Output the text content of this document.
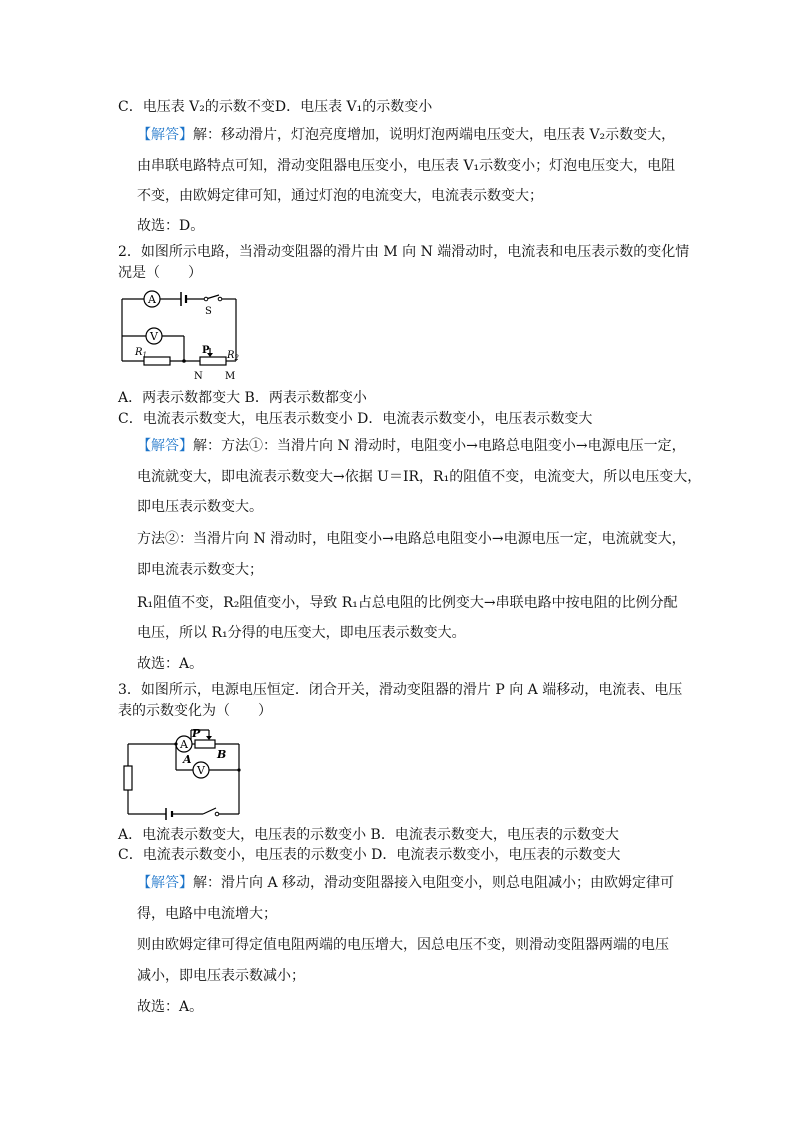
C．电压表 V₂的示数不变D．电压表 V₁的示数变小
【解答】解：移动滑片，灯泡亮度增加，说明灯泡两端电压变大，电压表 V₂示数变大，
由串联电路特点可知，滑动变阻器电压变小，电压表 V₁示数变小；灯泡电压变大，电阻
不变，由欧姆定律可知，通过灯泡的电流变大，电流表示数变大；
故选：D。
2．如图所示电路，当滑动变阻器的滑片由 M 向 N 端滑动时，电流表和电压表示数的变化情
况是（　　）
A
V
S
$R_1$	$R_2$
P
N M
A．两表示数都变大 B．两表示数都变小
C．电流表示数变大，电压表示数变小 D．电流表示数变小，电压表示数变大
【解答】解：方法①：当滑片向 N 滑动时，电阻变小→电路总电阻变小→电源电压一定，
电流就变大，即电流表示数变大→依据 U＝IR，R₁的阻值不变，电流变大，所以电压变大，
即电压表示数变大。
方法②：当滑片向 N 滑动时，电阻变小→电路总电阻变小→电源电压一定，电流就变大，
即电流表示数变大；
R₁阻值不变，R₂阻值变小，导致 R₁占总电阻的比例变大→串联电路中按电阻的比例分配
电压，所以 R₁分得的电压变大，即电压表示数变大。
故选：A。
3．如图所示，电源电压恒定．闭合开关，滑动变阻器的滑片 P 向 A 端移动，电流表、电压
表的示数变化为（　　）
A
V
P
A B
A．电流表示数变大，电压表的示数变小 B．电流表示数变大，电压表的示数变大
C．电流表示数变小，电压表的示数变小 D．电流表示数变小，电压表的示数变大
【解答】解：滑片向 A 移动，滑动变阻器接入电阻变小，则总电阻减小；由欧姆定律可
得，电路中电流增大；
则由欧姆定律可得定值电阻两端的电压增大，因总电压不变，则滑动变阻器两端的电压
减小，即电压表示数减小；
故选：A。
